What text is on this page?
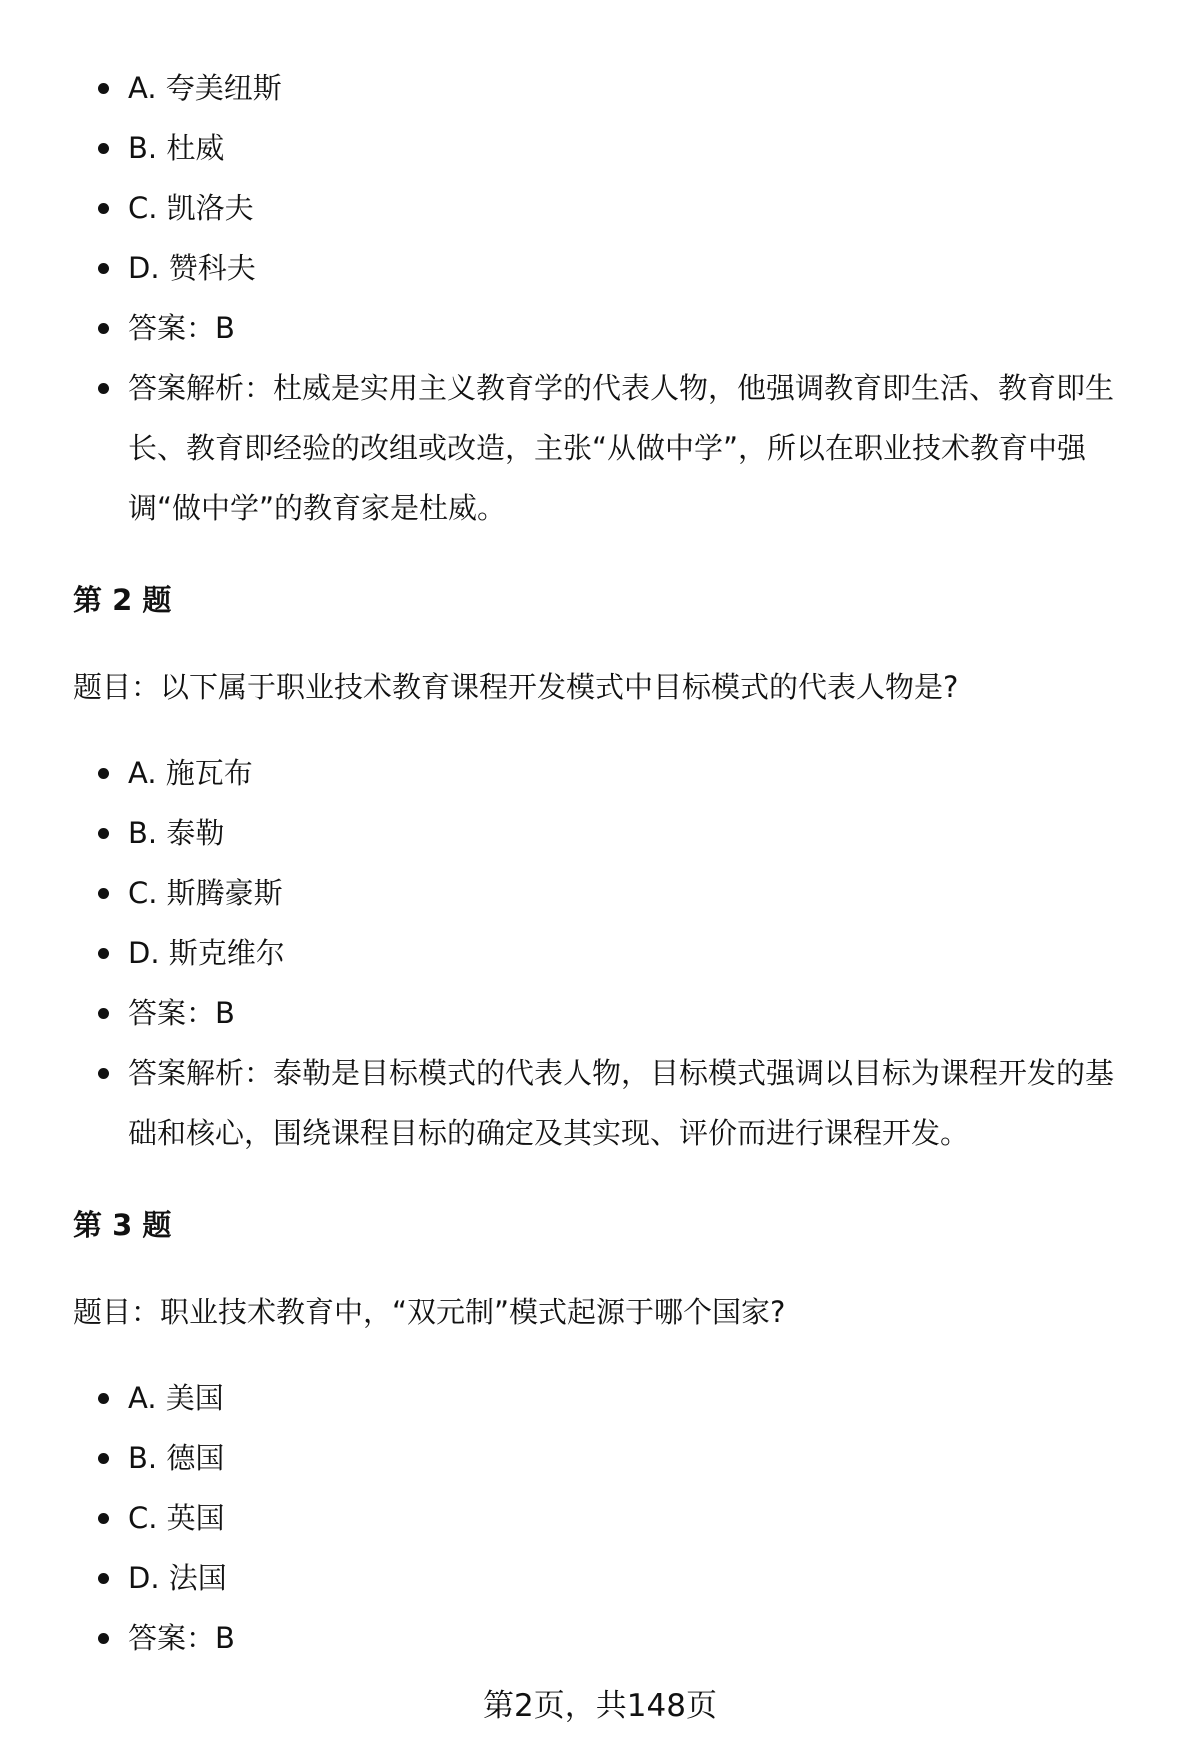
A. 夸美纽斯
B. 杜威
C. 凯洛夫
D. 赞科夫
答案：B
答案解析：杜威是实用主义教育学的代表人物，他强调教育即生活、教育即生长、教育即经验的改组或改造，主张“从做中学”，所以在职业技术教育中强调“做中学”的教育家是杜威。
第 2 题
题目：以下属于职业技术教育课程开发模式中目标模式的代表人物是?
A. 施瓦布
B. 泰勒
C. 斯腾豪斯
D. 斯克维尔
答案：B
答案解析：泰勒是目标模式的代表人物，目标模式强调以目标为课程开发的基础和核心，围绕课程目标的确定及其实现、评价而进行课程开发。
第 3 题
题目：职业技术教育中，“双元制”模式起源于哪个国家?
A. 美国
B. 德国
C. 英国
D. 法国
答案：B
第2页，共148页
